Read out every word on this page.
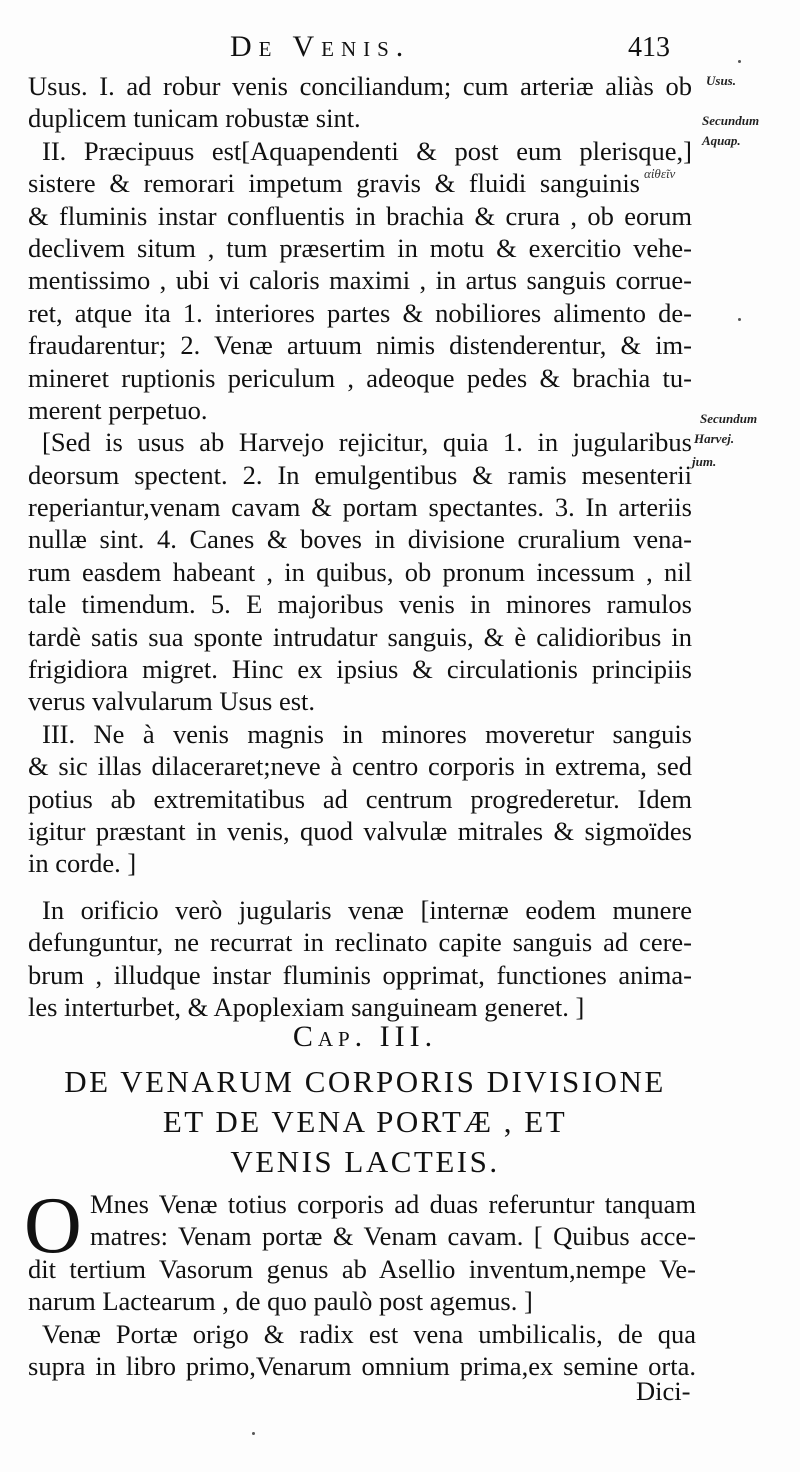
De Venis.	413
Usus.
Secundum
Aquap.
αἰθεῖν
Secundum
Harvej.
jum.
Usus. I. ad robur venis conciliandum; cum arteriæ aliàs ob
duplicem tunicam robustæ sint.
II. Præcipuus est[Aquapendenti & post eum plerisque,]
sistere & remorari impetum gravis & fluidi sanguinis
& fluminis instar confluentis in brachia & crura , ob eorum
declivem situm , tum præsertim in motu & exercitio vehe-
mentissimo , ubi vi caloris maximi , in artus sanguis corrue-
ret, atque ita 1. interiores partes & nobiliores alimento de-
fraudarentur; 2. Venæ artuum nimis distenderentur, & im-
mineret ruptionis periculum , adeoque pedes & brachia tu-
merent perpetuo.
[Sed is usus ab Harvejo rejicitur, quia 1. in jugularibus
deorsum spectent. 2. In emulgentibus & ramis mesenterii
reperiantur,venam cavam & portam spectantes. 3. In arteriis
nullæ sint. 4. Canes & boves in divisione cruralium vena-
rum easdem habeant , in quibus, ob pronum incessum , nil
tale timendum. 5. E majoribus venis in minores ramulos
tardè satis sua sponte intrudatur sanguis, & è calidioribus in
frigidiora migret. Hinc ex ipsius & circulationis principiis
verus valvularum Usus est.
III. Ne à venis magnis in minores moveretur sanguis
& sic illas dilaceraret;neve à centro corporis in extrema, sed
potius ab extremitatibus ad centrum progrederetur. Idem
igitur præstant in venis, quod valvulæ mitrales & sigmoïdes
in corde. ]
In orificio verò jugularis venæ [internæ eodem munere
defunguntur, ne recurrat in reclinato capite sanguis ad cere-
brum , illudque instar fluminis opprimat, functiones anima-
les interturbet, & Apoplexiam sanguineam generet. ]
Cap. III.
DE VENARUM CORPORIS DIVISIONE
ET DE VENA PORTÆ , ET
VENIS LACTEIS.
O Mnes Venæ totius corporis ad duas referuntur tanquam
matres: Venam portæ & Venam cavam. [ Quibus acce-
dit tertium Vasorum genus ab Asellio inventum,nempe Ve-
narum Lactearum , de quo paulò post agemus. ]
Venæ Portæ origo & radix est vena umbilicalis, de qua
supra in libro primo,Venarum omnium prima,ex semine orta.
Dici-
